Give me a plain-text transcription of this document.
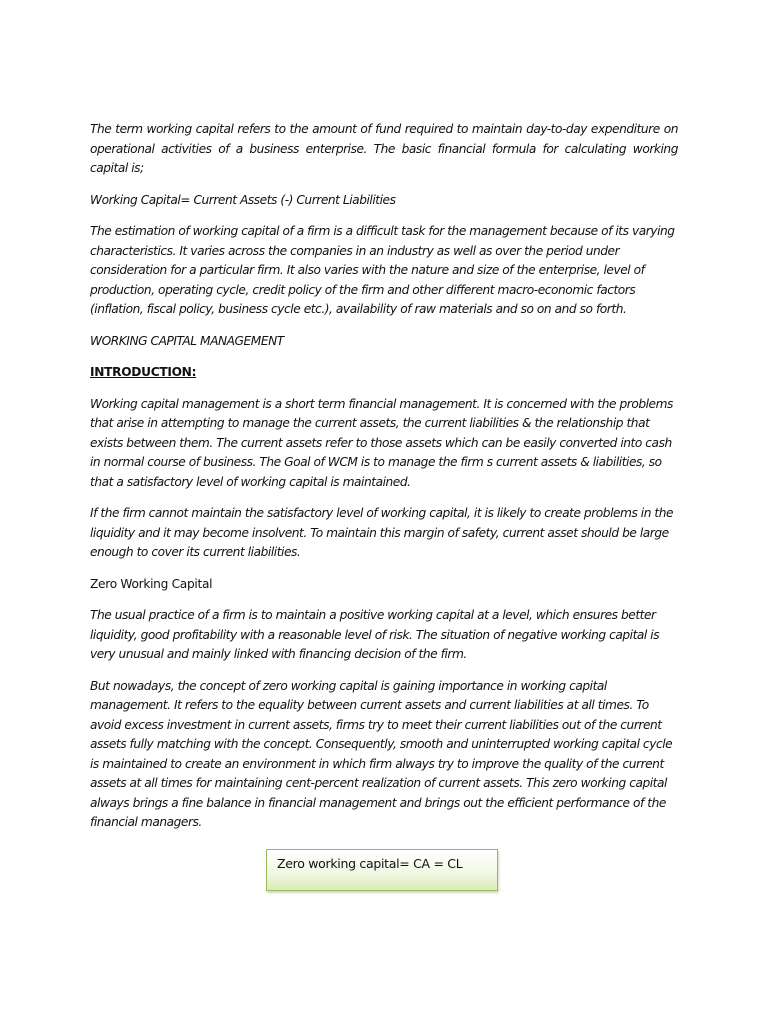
The term working capital refers to the amount of fund required to maintain day-to-day expenditure on operational activities of a business enterprise. The basic financial formula for calculating working capital is;

Working Capital= Current Assets (-) Current Liabilities

The estimation of working capital of a firm is a difficult task for the management because of its varying characteristics. It varies across the companies in an industry as well as over the period under consideration for a particular firm. It also varies with the nature and size of the enterprise, level of production, operating cycle, credit policy of the firm and other different macro-economic factors (inflation, fiscal policy, business cycle etc.), availability of raw materials and so on and so forth.

WORKING CAPITAL MANAGEMENT

INTRODUCTION:

Working capital management is a short term financial management. It is concerned with the problems that arise in attempting to manage the current assets, the current liabilities & the relationship that exists between them. The current assets refer to those assets which can be easily converted into cash in normal course of business. The Goal of WCM is to manage the firm s current assets & liabilities, so that a satisfactory level of working capital is maintained.

If the firm cannot maintain the satisfactory level of working capital, it is likely to create problems in the liquidity and it may become insolvent. To maintain this margin of safety, current asset should be large enough to cover its current liabilities.

Zero Working Capital

The usual practice of a firm is to maintain a positive working capital at a level, which ensures better liquidity, good profitability with a reasonable level of risk. The situation of negative working capital is very unusual and mainly linked with financing decision of the firm.

But nowadays, the concept of zero working capital is gaining importance in working capital management. It refers to the equality between current assets and current liabilities at all times. To avoid excess investment in current assets, firms try to meet their current liabilities out of the current assets fully matching with the concept. Consequently, smooth and uninterrupted working capital cycle is maintained to create an environment in which firm always try to improve the quality of the current assets at all times for maintaining cent-percent realization of current assets. This zero working capital always brings a fine balance in financial management and brings out the efficient performance of the financial managers.

Zero working capital= CA = CL
